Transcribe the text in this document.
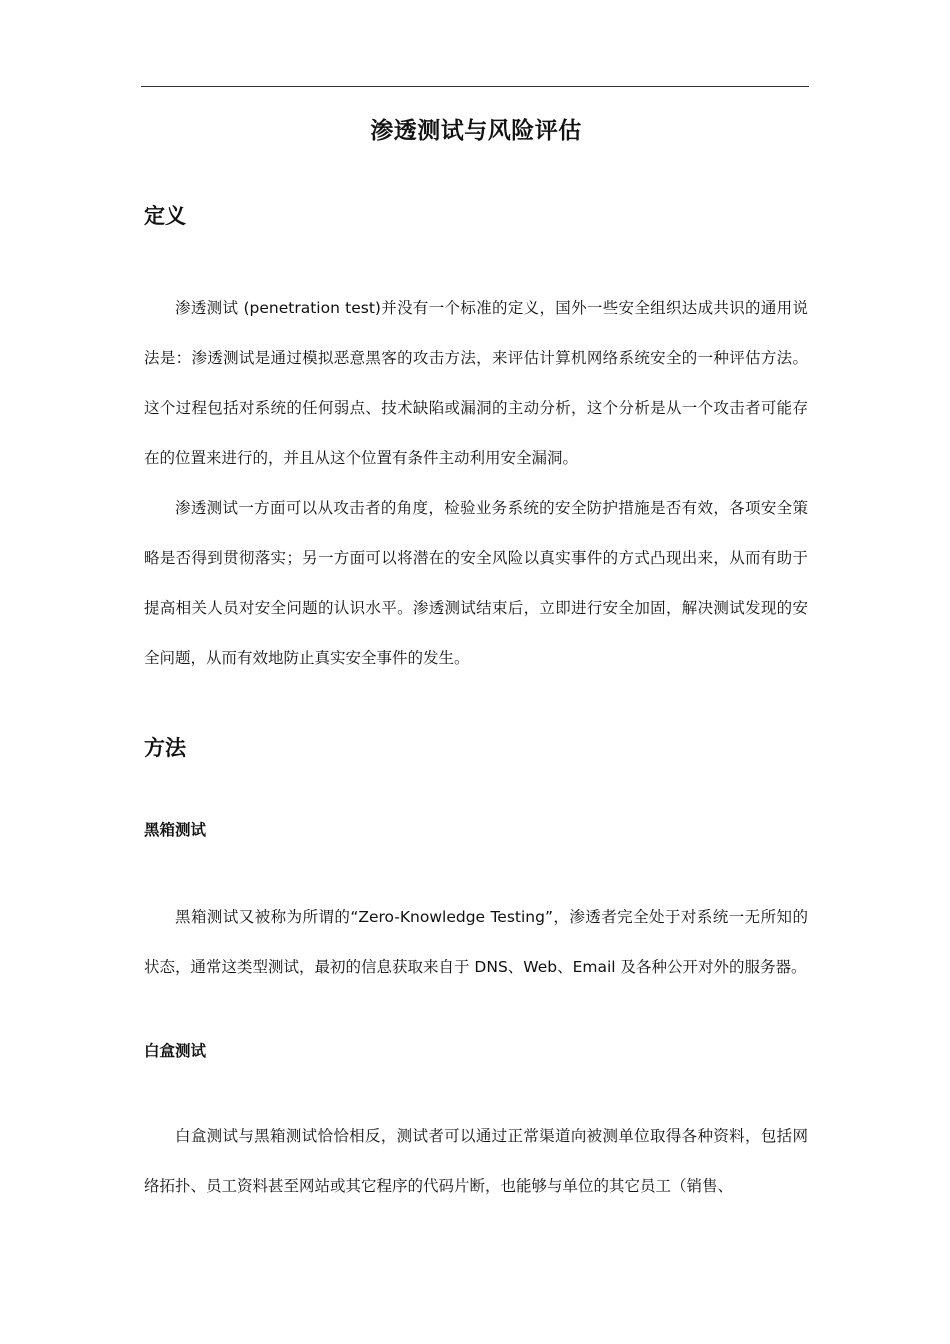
渗透测试与风险评估
定义

渗透测试 (penetration test)并没有一个标准的定义，国外一些安全组织达成共识的通用说法是：渗透测试是通过模拟恶意黑客的攻击方法，来评估计算机网络系统安全的一种评估方法。这个过程包括对系统的任何弱点、技术缺陷或漏洞的主动分析，这个分析是从一个攻击者可能存在的位置来进行的，并且从这个位置有条件主动利用安全漏洞。

渗透测试一方面可以从攻击者的角度，检验业务系统的安全防护措施是否有效，各项安全策略是否得到贯彻落实；另一方面可以将潜在的安全风险以真实事件的方式凸现出来，从而有助于提高相关人员对安全问题的认识水平。渗透测试结束后，立即进行安全加固，解决测试发现的安全问题，从而有效地防止真实安全事件的发生。

方法
黑箱测试

黑箱测试又被称为所谓的“Zero-Knowledge Testing”，渗透者完全处于对系统一无所知的状态，通常这类型测试，最初的信息获取来自于 DNS、Web、Email 及各种公开对外的服务器。

白盒测试

白盒测试与黑箱测试恰恰相反，测试者可以通过正常渠道向被测单位取得各种资料，包括网络拓扑、员工资料甚至网站或其它程序的代码片断，也能够与单位的其它员工（销售、
